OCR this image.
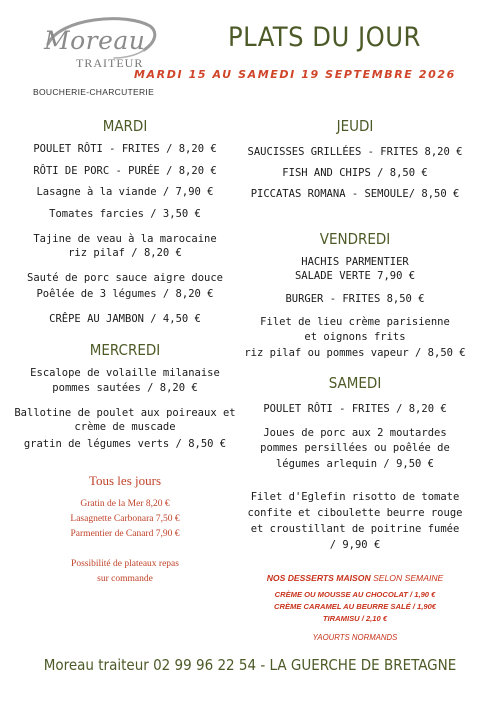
Moreau
TRAITEUR
BOUCHERIE-CHARCUTERIE
PLATS DU JOUR
MARDI 15 AU SAMEDI 19 SEPTEMBRE 2026
MARDI
POULET RÔTI - FRITES / 8,20 €
RÔTI DE PORC - PURÉE / 8,20 €
Lasagne à la viande / 7,90 €
Tomates farcies / 3,50 €
Tajine de veau à la marocaine
riz pilaf / 8,20 €
Sauté de porc sauce aigre douce
Poêlée de 3 légumes / 8,20 €
CRÊPE AU JAMBON / 4,50 €
MERCREDI
Escalope de volaille milanaise
pommes sautées / 8,20 €
Ballotine de poulet aux poireaux et
crème de muscade
gratin de légumes verts / 8,50 €
Tous les jours
Gratin de la Mer 8,20 €
Lasagnette Carbonara 7,50 €
Parmentier de Canard 7,90 €
Possibilité de plateaux repas
sur commande
JEUDI
SAUCISSES GRILLÉES - FRITES 8,20 €
FISH AND CHIPS / 8,50 €
PICCATAS ROMANA - SEMOULE/ 8,50 €
VENDREDI
HACHIS PARMENTIER
SALADE VERTE 7,90 €
BURGER - FRITES 8,50 €
Filet de lieu crème parisienne
et oignons frits
riz pilaf ou pommes vapeur / 8,50 €
SAMEDI
POULET RÔTI - FRITES / 8,20 €
Joues de porc aux 2 moutardes
pommes persillées ou poêlée de
légumes arlequin / 9,50 €
Filet d'Eglefin risotto de tomate
confite et ciboulette beurre rouge
et croustillant de poitrine fumée
/ 9,90 €
NOS DESSERTS MAISON SELON SEMAINE
CRÈME OU MOUSSE AU CHOCOLAT / 1,90 €
CRÈME CARAMEL AU BEURRE SALÉ / 1,90€
TIRAMISU / 2,10 €
YAOURTS NORMANDS
Moreau traiteur 02 99 96 22 54 - LA GUERCHE DE BRETAGNE
